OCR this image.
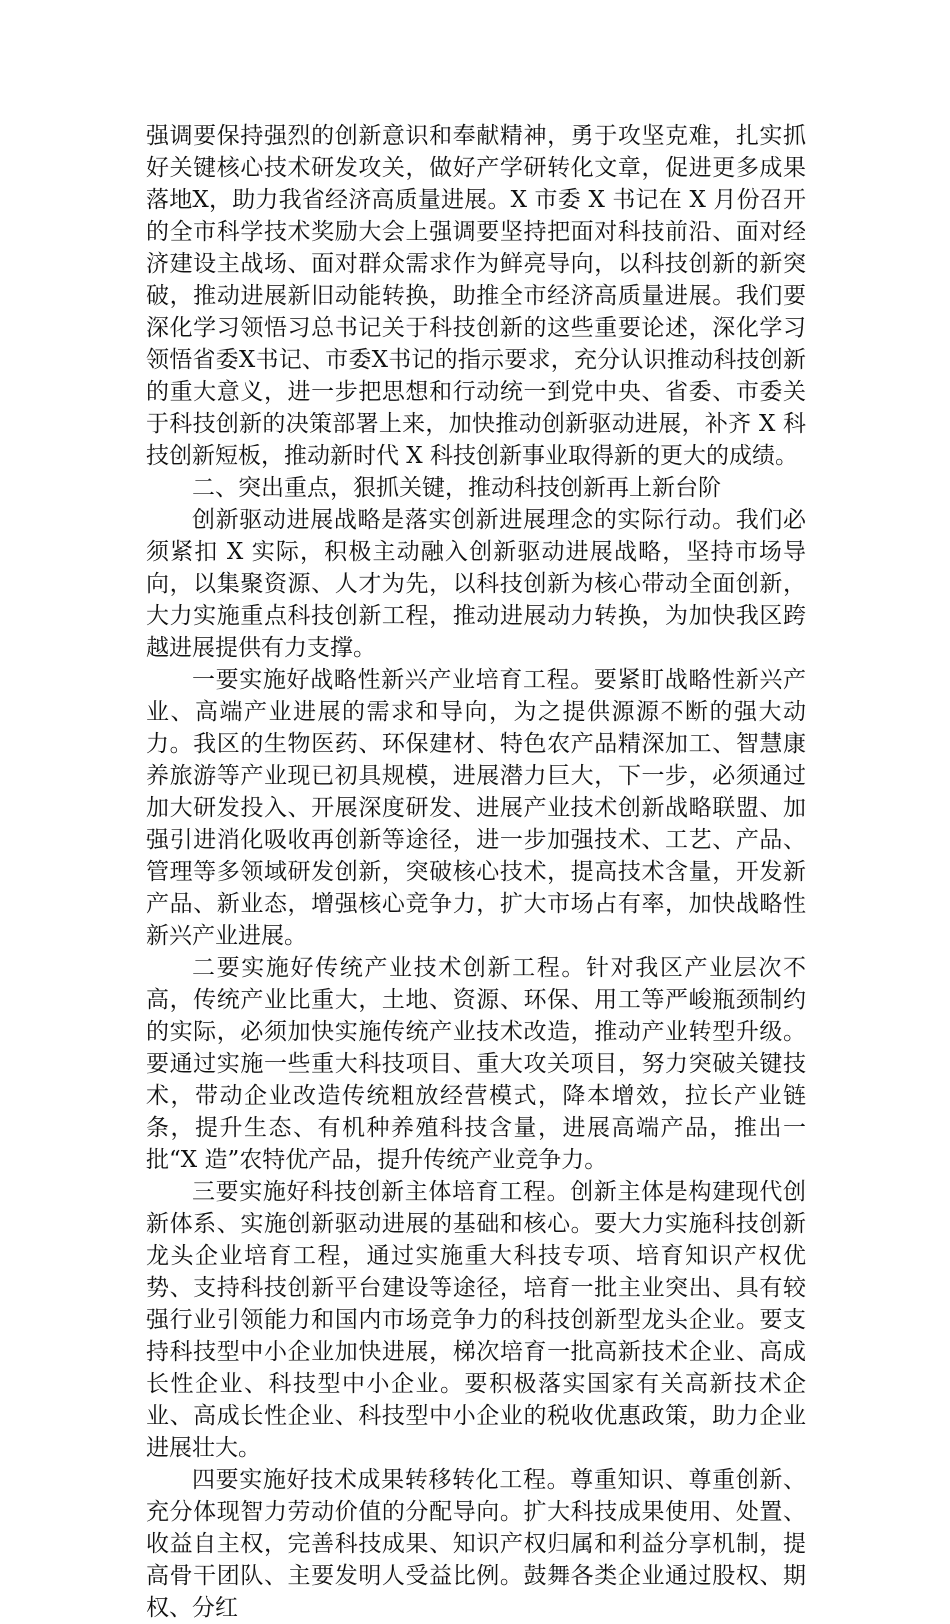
强调要保持强烈的创新意识和奉献精神，勇于攻坚克难，扎实抓好关键核心技术研发攻关，做好产学研转化文章，促进更多成果落地X，助力我省经济高质量进展。X 市委 X 书记在 X 月份召开的全市科学技术奖励大会上强调要坚持把面对科技前沿、面对经济建设主战场、面对群众需求作为鲜亮导向，以科技创新的新突破，推动进展新旧动能转换，助推全市经济高质量进展。我们要深化学习领悟习总书记关于科技创新的这些重要论述，深化学习领悟省委X书记、市委X书记的指示要求，充分认识推动科技创新的重大意义，进一步把思想和行动统一到党中央、省委、市委关于科技创新的决策部署上来，加快推动创新驱动进展，补齐 X 科技创新短板，推动新时代 X 科技创新事业取得新的更大的成绩。

二、突出重点，狠抓关键，推动科技创新再上新台阶

创新驱动进展战略是落实创新进展理念的实际行动。我们必须紧扣 X 实际，积极主动融入创新驱动进展战略，坚持市场导向，以集聚资源、人才为先，以科技创新为核心带动全面创新，大力实施重点科技创新工程，推动进展动力转换，为加快我区跨越进展提供有力支撑。

一要实施好战略性新兴产业培育工程。要紧盯战略性新兴产业、高端产业进展的需求和导向，为之提供源源不断的强大动力。我区的生物医药、环保建材、特色农产品精深加工、智慧康养旅游等产业现已初具规模，进展潜力巨大，下一步，必须通过加大研发投入、开展深度研发、进展产业技术创新战略联盟、加强引进消化吸收再创新等途径，进一步加强技术、工艺、产品、管理等多领域研发创新，突破核心技术，提高技术含量，开发新产品、新业态，增强核心竞争力，扩大市场占有率，加快战略性新兴产业进展。

二要实施好传统产业技术创新工程。针对我区产业层次不高，传统产业比重大，土地、资源、环保、用工等严峻瓶颈制约的实际，必须加快实施传统产业技术改造，推动产业转型升级。要通过实施一些重大科技项目、重大攻关项目，努力突破关键技术，带动企业改造传统粗放经营模式，降本增效，拉长产业链条，提升生态、有机种养殖科技含量，进展高端产品，推出一批“X 造”农特优产品，提升传统产业竞争力。

三要实施好科技创新主体培育工程。创新主体是构建现代创新体系、实施创新驱动进展的基础和核心。要大力实施科技创新龙头企业培育工程，通过实施重大科技专项、培育知识产权优势、支持科技创新平台建设等途径，培育一批主业突出、具有较强行业引领能力和国内市场竞争力的科技创新型龙头企业。要支持科技型中小企业加快进展，梯次培育一批高新技术企业、高成长性企业、科技型中小企业。要积极落实国家有关高新技术企业、高成长性企业、科技型中小企业的税收优惠政策，助力企业进展壮大。

四要实施好技术成果转移转化工程。尊重知识、尊重创新、充分体现智力劳动价值的分配导向。扩大科技成果使用、处置、收益自主权，完善科技成果、知识产权归属和利益分享机制，提高骨干团队、主要发明人受益比例。鼓舞各类企业通过股权、期权、分红
